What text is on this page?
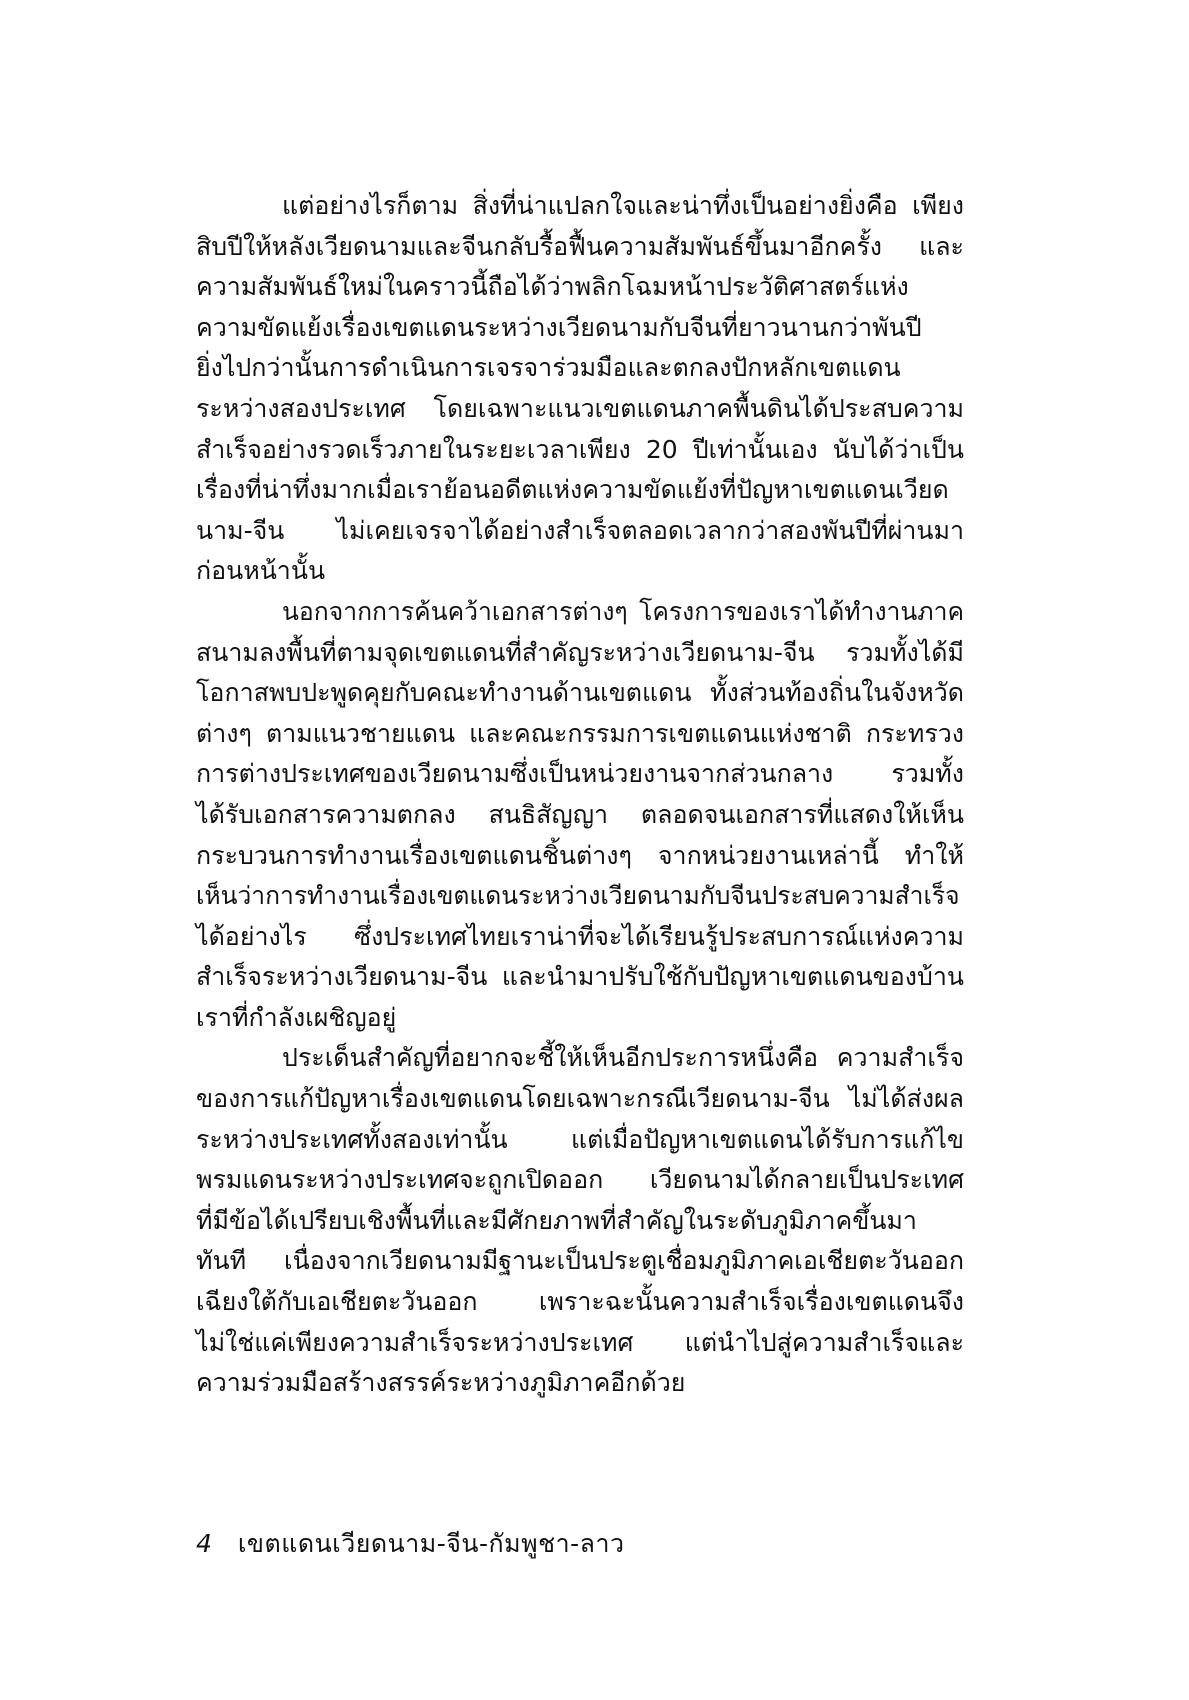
แต่อย่างไรก็ตาม สิ่งที่น่าแปลกใจและน่าทึ่งเป็นอย่างยิ่งคือ เพียง
สิบปีให้หลังเวียดนามและจีนกลับรื้อฟื้นความสัมพันธ์ขึ้นมาอีกครั้ง และ
ความสัมพันธ์ใหม่ในคราวนี้ถือได้ว่าพลิกโฉมหน้าประวัติศาสตร์แห่ง
ความขัดแย้งเรื่องเขตแดนระหว่างเวียดนามกับจีนที่ยาวนานกว่าพันปี
ยิ่งไปกว่านั้นการดำเนินการเจรจาร่วมมือและตกลงปักหลักเขตแดน
ระหว่างสองประเทศ โดยเฉพาะแนวเขตแดนภาคพื้นดินได้ประสบความ
สำเร็จอย่างรวดเร็วภายในระยะเวลาเพียง 20 ปีเท่านั้นเอง นับได้ว่าเป็น
เรื่องที่น่าทึ่งมากเมื่อเราย้อนอดีตแห่งความขัดแย้งที่ปัญหาเขตแดนเวียด
นาม-จีน ไม่เคยเจรจาได้อย่างสำเร็จตลอดเวลากว่าสองพันปีที่ผ่านมา
ก่อนหน้านั้น

นอกจากการค้นคว้าเอกสารต่างๆ โครงการของเราได้ทำงานภาค
สนามลงพื้นที่ตามจุดเขตแดนที่สำคัญระหว่างเวียดนาม-จีน รวมทั้งได้มี
โอกาสพบปะพูดคุยกับคณะทำงานด้านเขตแดน ทั้งส่วนท้องถิ่นในจังหวัด
ต่างๆ ตามแนวชายแดน และคณะกรรมการเขตแดนแห่งชาติ กระทรวง
การต่างประเทศของเวียดนามซึ่งเป็นหน่วยงานจากส่วนกลาง รวมทั้ง
ได้รับเอกสารความตกลง สนธิสัญญา ตลอดจนเอกสารที่แสดงให้เห็น
กระบวนการทำงานเรื่องเขตแดนชิ้นต่างๆ จากหน่วยงานเหล่านี้ ทำให้
เห็นว่าการทำงานเรื่องเขตแดนระหว่างเวียดนามกับจีนประสบความสำเร็จ
ได้อย่างไร ซึ่งประเทศไทยเราน่าที่จะได้เรียนรู้ประสบการณ์แห่งความ
สำเร็จระหว่างเวียดนาม-จีน และนำมาปรับใช้กับปัญหาเขตแดนของบ้าน
เราที่กำลังเผชิญอยู่

ประเด็นสำคัญที่อยากจะชี้ให้เห็นอีกประการหนึ่งคือ ความสำเร็จ
ของการแก้ปัญหาเรื่องเขตแดนโดยเฉพาะกรณีเวียดนาม-จีน ไม่ได้ส่งผล
ระหว่างประเทศทั้งสองเท่านั้น แต่เมื่อปัญหาเขตแดนได้รับการแก้ไข
พรมแดนระหว่างประเทศจะถูกเปิดออก เวียดนามได้กลายเป็นประเทศ
ที่มีข้อได้เปรียบเชิงพื้นที่และมีศักยภาพที่สำคัญในระดับภูมิภาคขึ้นมา
ทันที เนื่องจากเวียดนามมีฐานะเป็นประตูเชื่อมภูมิภาคเอเชียตะวันออก
เฉียงใต้กับเอเชียตะวันออก เพราะฉะนั้นความสำเร็จเรื่องเขตแดนจึง
ไม่ใช่แค่เพียงความสำเร็จระหว่างประเทศ แต่นำไปสู่ความสำเร็จและ
ความร่วมมือสร้างสรรค์ระหว่างภูมิภาคอีกด้วย

4 เขตแดนเวียดนาม-จีน-กัมพูชา-ลาว
